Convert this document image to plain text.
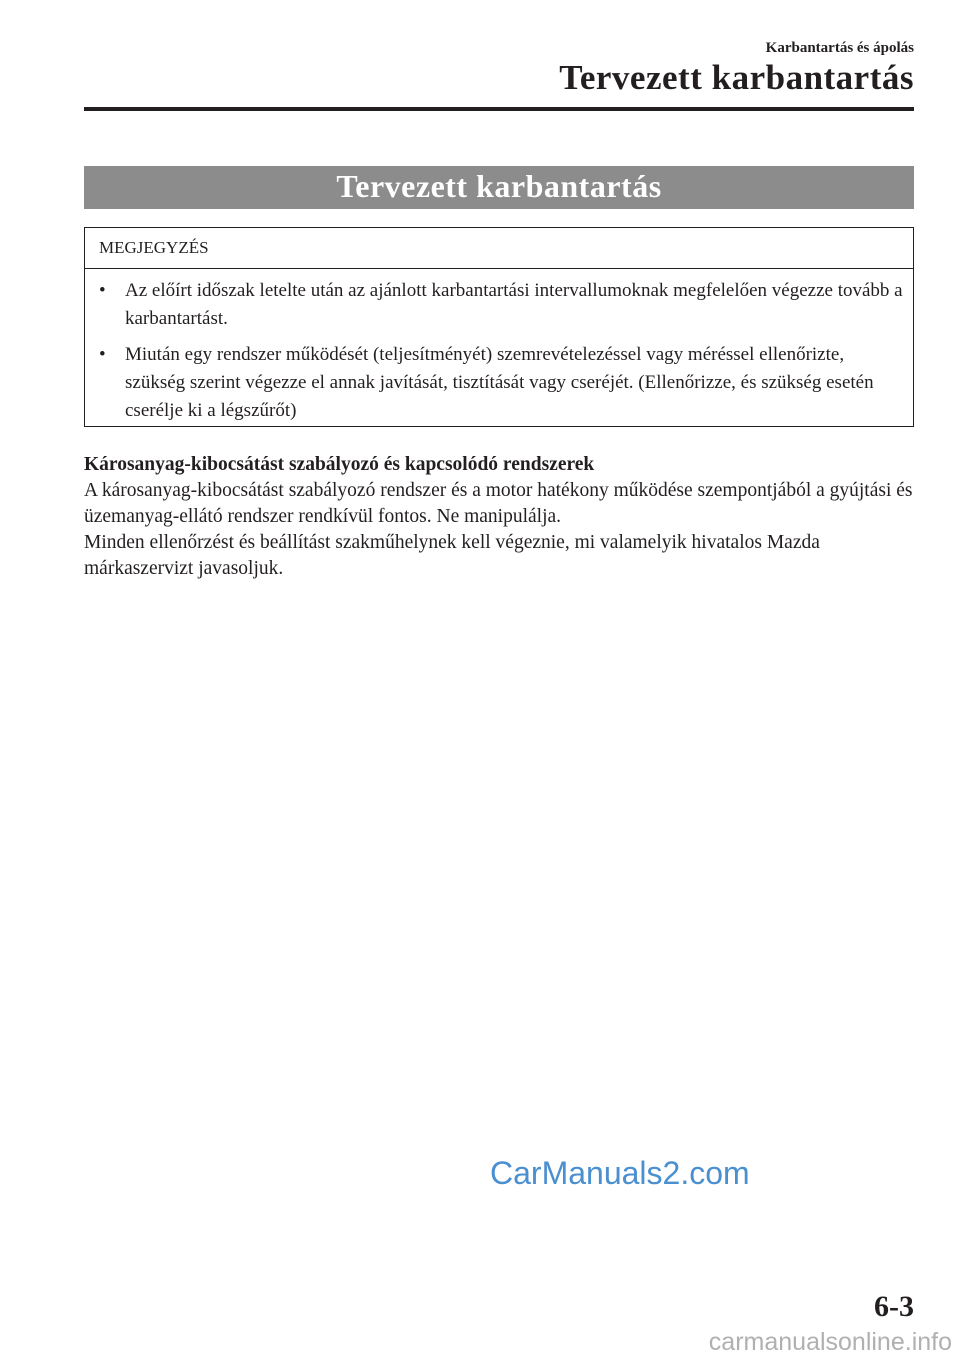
Karbantartás és ápolás
Tervezett karbantartás
Tervezett karbantartás
MEGJEGYZÉS
• Az előírt időszak letelte után az ajánlott karbantartási intervallumoknak megfelelően végezze tovább a karbantartást.
• Miután egy rendszer működését (teljesítményét) szemrevételezéssel vagy méréssel ellenőrizte, szükség szerint végezze el annak javítását, tisztítását vagy cseréjét. (Ellenőrizze, és szükség esetén cserélje ki a légszűrőt)
Károsanyag-kibocsátást szabályozó és kapcsolódó rendszerek

A károsanyag-kibocsátást szabályozó rendszer és a motor hatékony működése szempontjából a gyújtási és üzemanyag-ellátó rendszer rendkívül fontos. Ne manipulálja.

Minden ellenőrzést és beállítást szakműhelynek kell végeznie, mi valamelyik hivatalos Mazda márkaszervizt javasoljuk.

CarManuals2.com
6-3
carmanualsonline.info
